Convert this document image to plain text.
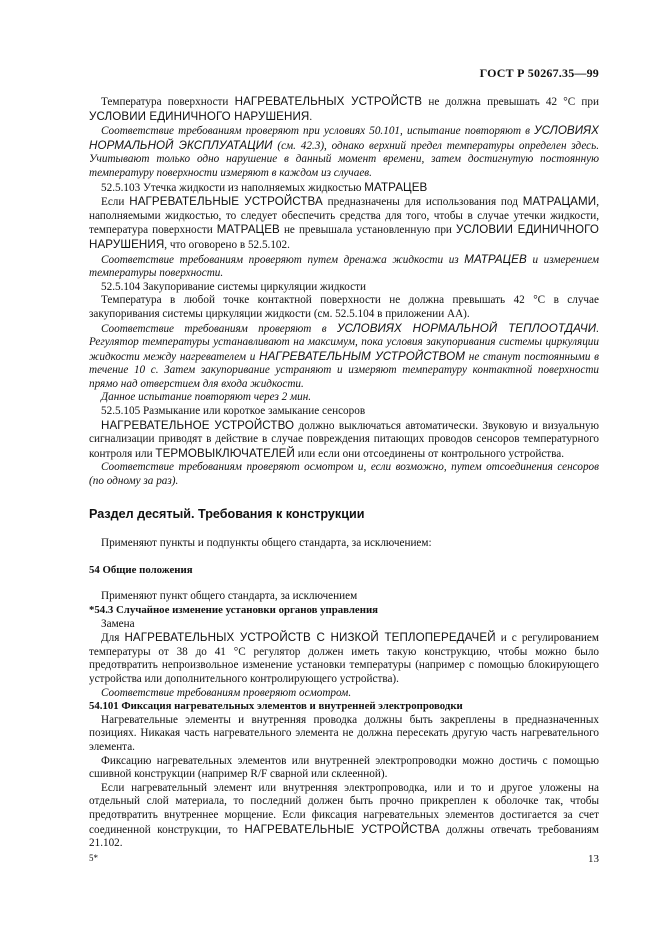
ГОСТ Р 50267.35—99

Температура поверхности НАГРЕВАТЕЛЬНЫХ УСТРОЙСТВ не должна превышать 42 °С при УСЛОВИИ ЕДИНИЧНОГО НАРУШЕНИЯ.

Соответствие требованиям проверяют при условиях 50.101, испытание повторяют в УСЛОВИЯХ НОРМАЛЬНОЙ ЭКСПЛУАТАЦИИ (см. 42.3), однако верхний предел температуры определен здесь. Учитывают только одно нарушение в данный момент времени, затем достигнутую постоянную температуру поверхности измеряют в каждом из случаев.

52.5.103 Утечка жидкости из наполняемых жидкостью МАТРАЦЕВ

Если НАГРЕВАТЕЛЬНЫЕ УСТРОЙСТВА предназначены для использования под МАТРАЦАМИ, наполняемыми жидкостью, то следует обеспечить средства для того, чтобы в случае утечки жидкости, температура поверхности МАТРАЦЕВ не превышала установленную при УСЛОВИИ ЕДИНИЧНОГО НАРУШЕНИЯ, что оговорено в 52.5.102.

Соответствие требованиям проверяют путем дренажа жидкости из МАТРАЦЕВ и измерением температуры поверхности.

52.5.104 Закупоривание системы циркуляции жидкости

Температура в любой точке контактной поверхности не должна превышать 42 °С в случае закупоривания системы циркуляции жидкости (см. 52.5.104 в приложении АА).

Соответствие требованиям проверяют в УСЛОВИЯХ НОРМАЛЬНОЙ ТЕПЛООТДАЧИ. Регулятор температуры устанавливают на максимум, пока условия закупоривания системы циркуляции жидкости между нагревателем и НАГРЕВАТЕЛЬНЫМ УСТРОЙСТВОМ не станут постоянными в течение 10 с. Затем закупоривание устраняют и измеряют температуру контактной поверхности прямо над отверстием для входа жидкости.

Данное испытание повторяют через 2 мин.

52.5.105 Размыкание или короткое замыкание сенсоров

НАГРЕВАТЕЛЬНОЕ УСТРОЙСТВО должно выключаться автоматически. Звуковую и визуальную сигнализации приводят в действие в случае повреждения питающих проводов сенсоров температурного контроля или ТЕРМОВЫКЛЮЧАТЕЛЕЙ или если они отсоединены от контрольного устройства.

Соответствие требованиям проверяют осмотром и, если возможно, путем отсоединения сенсоров (по одному за раз).

Раздел десятый. Требования к конструкции

Применяют пункты и подпункты общего стандарта, за исключением:

54 Общие положения

Применяют пункт общего стандарта, за исключением

*54.3 Случайное изменение установки органов управления

Замена

Для НАГРЕВАТЕЛЬНЫХ УСТРОЙСТВ С НИЗКОЙ ТЕПЛОПЕРЕДАЧЕЙ и с регулированием температуры от 38 до 41 °С регулятор должен иметь такую конструкцию, чтобы можно было предотвратить непроизвольное изменение установки температуры (например с помощью блокирующего устройства или дополнительного контролирующего устройства).

Соответствие требованиям проверяют осмотром.

54.101 Фиксация нагревательных элементов и внутренней электропроводки

Нагревательные элементы и внутренняя проводка должны быть закреплены в предназначенных позициях. Никакая часть нагревательного элемента не должна пересекать другую часть нагревательного элемента.

Фиксацию нагревательных элементов или внутренней электропроводки можно достичь с помощью сшивной конструкции (например R/F сварной или склеенной).

Если нагревательный элемент или внутренняя электропроводка, или и то и другое уложены на отдельный слой материала, то последний должен быть прочно прикреплен к оболочке так, чтобы предотвратить внутреннее морщение. Если фиксация нагревательных элементов достигается за счет соединенной конструкции, то НАГРЕВАТЕЛЬНЫЕ УСТРОЙСТВА должны отвечать требованиям 21.102.

5*	13
